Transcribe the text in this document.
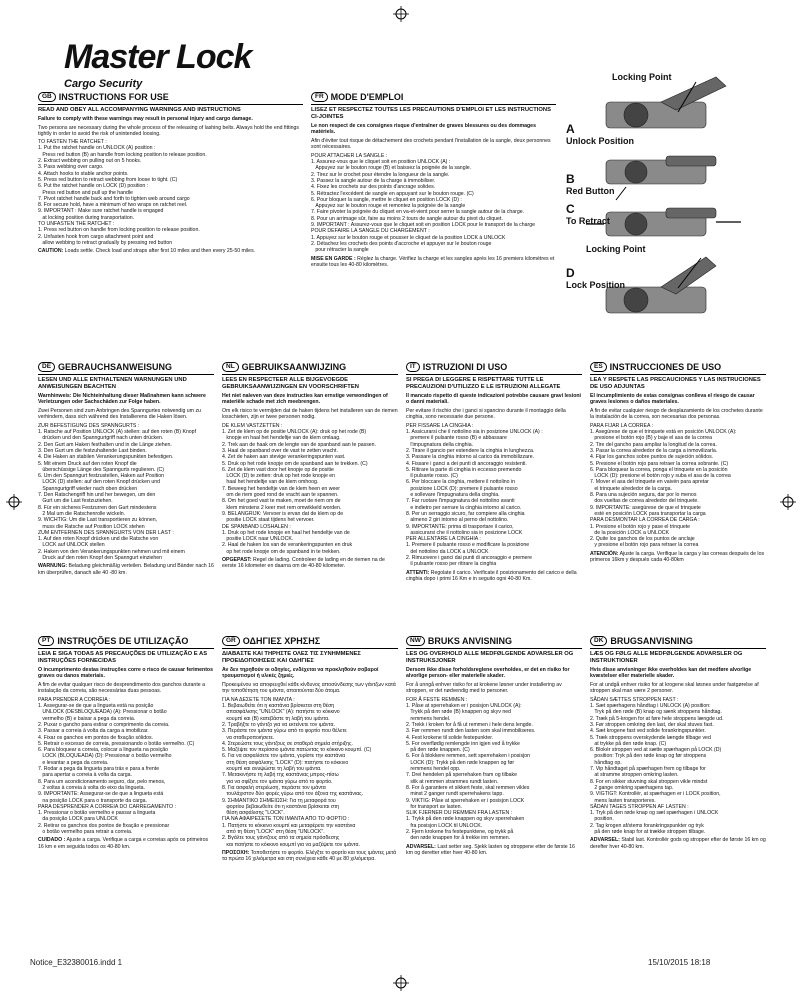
Master Lock
Cargo Security
Locking Point
A
Unlock Position
B
Red Button
C
To Retract
Locking Point
D
Lock Position
GB INSTRUCTIONS FOR USE
READ AND OBEY ALL ACCOMPANYING WARNINGS AND INSTRUCTIONS
Failure to comply with these warnings may result in personal injury and cargo damage.
Two persons are necessary during the whole process of the releasing of lashing belts. Always hold the end fittings tightly in order to avoid the risk of unintended loosing.
TO FASTEN THE RATCHET :
1. Put the ratchet handle on UNLOCK (A) position :
Press red button (B) an handle from locking position to release position.
2. Extract webbing on pulling out on 5 hooks.
3. Pass webbing over cargo.
4. Attach hooks to stable anchor points.
5. Press red button to retract webbing from loose to tight. (C)
6. Put the ratchet handle on LOCK (D) position :
Press red button and pull up the handle
7. Pivot ratchet handle back and forth to tighten web around cargo
8. For secure hold, have a minimum of two wraps on ratchet reel.
9. IMPORTANT : Make sure ratchet handle is engaged
at locking position during transportation.
TO UNFASTEN THE RATCHET :
1. Press red button on handle from locking position to release position.
2. Unfasten hook from cargo attachment point and
allow webbing to retract gradually by pressing red button
CAUTION: Loads settle. Check load and straps after first 10 miles and then every 25-50 miles.
FR MODE D'EMPLOI
LISEZ ET RESPECTEZ TOUTES LES PRECAUTIONS D'EMPLOI ET LES INSTRUCTIONS CI-JOINTES
Le non respect de ces consignes risque d'entraîner de graves blessures ou des dommages matériels.
Afin d'éviter tout risque de détachement des crochets pendant l'installation de la sangle, deux personnes sont nécessaires.
POUR ATTACHER LA SANGLE :
1. Assurez-vous que le cliquet soit en position UNLOCK (A) :
Appuyez sur le bouton rouge (B) et baissez la poignée de la sangle.
2. Tirez sur le crochet pour étendre la longueur de la sangle.
3. Passez la sangle autour de la charge à immobiliser.
4. Fixez les crochets sur des points d'ancrage solides.
5. Rétractez l'excédent de sangle en appuyant sur le bouton rouge. (C)
6. Pour bloquer la sangle, mettre le cliquet en position LOCK (D) :
Appuyez sur le bouton rouge et remontez la poignée de la sangle
7. Faire pivoter la poignée du cliquet en va-et-vient pour serrer la sangle autour de la charge.
8. Pour un arrimage sûr, faire au moins 2 tours de sangle autour du pivot du cliquet.
9. IMPORTANT : Assurez-vous que le cliquet soit en position LOCK pour le transport de la charge
POUR DEFAIRE LA SANGLE DU CHARGEMENT :
1. Appuyez sur le bouton rouge et pousser le cliquet de la position LOCK à UNLOCK
2. Détachez les crochets des points d'accroche et appuyer sur le bouton rouge
pour rétracter la sangle
MISE EN GARDE : Réglez la charge. Vérifiez la charge et les sangles après les 16 premiers kilomètres et ensuite tous les 40-80 kilomètres.
DE GEBRAUCHSANWEISUNG
LESEN UND ALLE ENTHALTENEN WARNUNGEN UND ANWEISUNGEN BEACHTEN
Warnhinweis: Die Nichteinhaltung dieser Maßnahmen kann schwere Verletzungen oder Sachschäden zur Folge haben.
Zwei Personen sind zum Anbringen des Spanngurtes notwendig um zu verhindern, dass sich während des Installierens die Haken lösen.
ZUR BEFESTIGUNG DES SPANNGURTS :
1. Ratsche auf Position UNLOCK (A) stellen: auf den roten (B) Knopf
drücken und den Spanngurtgriff nach unten drücken.
2. Den Gurt am Haken festhalten und in die Länge ziehen.
3. Den Gurt um die festzuhaltende Last binden.
4. Die Haken an stabilen Verankerungspunkten befestigen.
5. Mit einem Druck auf den roten Knopf die
überschüssige Länge des Spanngurts regulieren. (C)
6. Um den Spanngurt festzustellen, Haken auf Position
LOCK (D) stellen: auf den roten Knopf drücken und
Spanngurtgriff wieder nach oben drücken
7. Den Ratschengriff hin und her bewegen, um den
Gurt um die Last festzuziehen.
8. Für ein sicheres Festzurren den Gurt mindestens
2 Mal um die Ratschenrolle wickeln.
9. WICHTIG: Um die Last transportieren zu können,
muss die Ratsche auf Position LOCK stehen
ZUM ENTFERNEN DES SPANNGURTS VON DER LAST :
1. Auf den roten Knopf drücken und die Ratsche von
LOCK auf UNLOCK stellen
2. Haken von den Verankerungspunkten nehmen und mit einem
Druck auf den roten Knopf den Spanngurt einziehen
WARNUNG: Beladung gleichmäßig verteilen. Beladung und Bänder nach 16 km überprüfen, danach alle 40 -80 km.
NL GEBRUIKSAANWIJZING
LEES EN RESPECTEER ALLE BIJGEVOEGDE GEBRUIKSAANWIJZINGEN EN VOORSCHRIFTEN
Het niet naleven van deze instructies kan ernstige verwondingen of materiële schade met zich meebrengen.
Om elk risico te vermijden dat de haken tijdens het installeren van de riemen losschieten, zijn er twee personen nodig.
DE KLEM VASTZETTEN :
1. Zet de klem op de positie UNLOCK (A): druk op het rode (B)
knopje en haal het hendeltje van de klem omlaag.
2. Trek aan de haak om de lengte van de spanband aan te passen.
3. Haal de spanband over de vast te zetten vracht.
4. Zet de haken aan stevige verankeringspunten vast.
5. Druk op het rode knopje om de spanband aan te trekken. (C)
6. Zet de klem vast door het knopje op de positie
LOCK (D) te zetten: druk op het rode knopje en
haal het hendeltje van de klem omhoog.
7. Beweeg het hendeltje van de klem heen en weer
om de riem goed rond de vracht aan te spannen.
8. Om het goed vast te maken, moet de riem om de
klem minstens 2 keer met rem omwikkeld worden.
9. BELANGRIJK: Vervoer is ervan dat de klem op de
positie LOCK staat tijdens het vervoer.
DE SPANBAND LOSHALEN :
1. Druk op het rode knopje en haal het hendeltje van de
positie LOCK naar UNLOCK.
2. Haal de haken los van de verankeringspunten en druk
op het rode knopje om de spanband in te trekken.
OPGEPAST: Regel de lading. Controleer de lading en de riemen na de eerste 16 kilometer en daarna om de 40-80 kilometer.
IT ISTRUZIONI DI USO
SI PREGA DI LEGGERE E RISPETTARE TUTTE LE PRECAUZIONI D'UTILIZZO E LE ISTRUZIONI ALLEGATE
Il mancato rispetto di queste indicazioni potrebbe causare gravi lesioni o danni materiali.
Per evitare il rischio che i ganci si sgancino durante il montaggio della cinghia, sono necessarie due persone.
PER FISSARE LA CINGHIA :
1. Assicurarsi che il nottolino sia in posizione UNLOCK (A) :
premere il pulsante rosso (B) e abbassare
l'impugnatura della cinghia.
2. Tirare il gancio per estendere la cinghia in lunghezza.
3. Passare la cinghia intorno al carico da immobilizzare.
4. Fissare i ganci a dei punti di ancoraggio resistenti.
5. Ritirare la parte di cinghia in eccesso premendo
il pulsante rosso. (C)
6. Per bloccare la cinghia, mettere il nottolino in
posizione LOCK (D): premere il pulsante rosso
e sollevare l'impugnatura della cinghia.
7. Far ruotare l'impugnatura del nottolino avanti
e indietro per serrare la cinghia intorno al carico.
8. Per un serraggio sicuro, far compiere alla cinghia
almeno 2 giri intorno al perno del nottolino.
9. IMPORTANTE: prima di trasportare il carico,
assicurarsi che il nottolino sia in posizione LOCK
PER ALLENTARE LA CINGHIA :
1. Premere il pulsante rosso e modificare la posizione
del nottolino da LOCK a UNLOCK
2. Rimuovere i ganci dai punti di ancoraggio e premere
il pulsante rosso per ritirare la cinghia
ATTENTI: Regolate il carico. Verificate il posizionamento del carico e della cinghia dopo i primi 16 Km e in seguito ogni 40-80 Km.
ES INSTRUCCIONES DE USO
LEA Y RESPETE LAS PRECAUCIONES Y LAS INSTRUCIONES DE USO ADJUNTAS
El incumplimiento de estas consignas conlleva el riesgo de causar graves lesiones o daños materiales.
A fin de evitar cualquier riesgo de desplazamiento de los crochetes durante la instalación de la correa, son necesarias dos personas.
PARA FIJAR LA CORREA :
1. Asegúrese de que el trinquete está en posición UNLOCK (A):
presione el botón rojo (B) y baje el asa de la correa
2. Tire del gancho para ampliar la longitud de la correa.
3. Pasar la correa alrededor de la carga a inmovilizarla.
4. Fijar los ganchos sobre puntos de sujeción sólidos.
5. Presione el botón rojo para retraer la correa sobrante. (C)
6. Para bloquear la correa, ponga el trinquete en la posición
LOCK (D): presione el botón rojo y suba el asa de la correa
7. Mover el asa del trinquete en vaivén para apretar
el trinquete alrededor de la carga.
8. Para una sujeción segura, dar por lo menos
dos vueltas de correa alrededor del trinquete.
9. IMPORTANTE: asegúrese de que el trinquete
esté en posición LOCK para transportar la carga
PARA DESMONTAR LA CORREA DE CARGA :
1. Presione el botón rojo y pase el trinquete
de la posición LOCK a UNLOCK
2. Quite los ganchos de los puntos de anclaje
y presione el botón rojo para retraer la correa
ATENCIÓN: Ajuste la carga. Verifique la carga y las correas después de los primeros 16km y después cada 40-80km
PT INSTRUÇÕES DE UTILIZAÇÃO
LEIA E SIGA TODAS AS PRECAUÇÕES DE UTILIZAÇÃO E AS INSTRUÇÕES FORNECIDAS
O incumprimento destas instruções corre o risco de causar ferimentos graves ou danos materiais.
A fim de evitar qualquer risco de desprendimento dos ganchos durante a instalação da correia, são necessárias duas pessoas.
PARA PRENDER A CORREIA :
1. Assegurar-se de que a lingueta está na posição
UNLOCK (DESBLOQUEADA) (A): Pressionar o botão
vermelho (B) e baixar a pega da correia.
2. Puxar o gancho para estirar o comprimento da correia.
3. Passar a correia à volta da carga a imobilizar.
4. Fixar os ganchos em pontos de fixação sólidos.
5. Retrair o excesso de correia, pressionando o botão vermelho. (C)
6. Para bloquear a correia, colocar a lingueta na posição
LOCK (BLOQUEADA) (D): Pressionar o botão vermelho
e levantar a pega da correia.
7. Rodar a pega da lingueta para trás e para a frente
para apertar a correia à volta da carga.
8. Para um acondicionamento seguro, dar, pelo menos,
2 voltas à correia à volta do eixo da lingueta.
9. IMPORTANTE: Assegurar-se de que a lingueta está
na posição LOCK para o transporte da carga.
PARA DESPRENDER A CORREIA DO CARREGAMENTO :
1. Pressionar o botão vermelho e passar a lingueta
da posição LOCK para UNLOCK
2. Retirar os ganchos dos pontos de fixação e pressionar
o botão vermelho para retrair a correia.
CUIDADO : Ajuste a carga. Verifique a carga e correias após os primeiros 16 km e em seguida todos os 40-80 km.
GR ΟΔΗΓΙΕΣ ΧΡΗΣΗΣ
ΔΙΑΒΑΣΤΕ ΚΑΙ ΤΗΡΗΣΤΕ ΟΛΕΣ ΤΙΣ ΣΥΝΗΜΜΕΝΕΣ ΠΡΟΕΙΔΟΠΟΙΗΣΕΙΣ ΚΑΙ ΟΔΗΓΙΕΣ
Αν δεν τηρηθούν οι οδηγίες, ενδέχεται να προκληθούν σοβαροί τραυματισμοί ή υλικές ζημιές.
Προκειμένου να αποφευχθεί κάθε κίνδυνος αποσύνδεσης των γάντζων κατά την τοποθέτηση του ιμάντα, απαιτούνται δύο άτομα.
ΓΙΑ ΝΑ ΔΕΣΕΤΕ ΤΟΝ ΙΜΑΝΤΑ :
1. Βεβαιωθείτε ότι η καστάνια βρίσκεται στη θέση
απασφάλισης "UNLOCK" (A): πατήστε το κόκκινο
κουμπί και (B) κατεβάστε τη λαβή του ιμάντα.
2. Τραβήξτε το γάντζο για να εκτείνετε τον ιμάντα.
3. Περάστε τον ιμάντα γύρω από το φορτίο που θέλετε
να σταθεροποιήσετε.
4. Στερεώστε τους γάντζους σε σταθερά σημεία στήριξης.
5. Μαζέψτε τον περίσσιο ιμάντα πατώντας το κόκκινο κουμπί. (C)
6. Για να ασφαλίσετε τον ιμάντα, γυρίστε την καστάνια
στη θέση ασφάλισης "LOCK" (D): πατήστε το κόκκινο
κουμπί και ανυψώστε τη λαβή του ιμάντα.
7. Μετακινήστε τη λαβή της καστάνιας μπρος-πίσω
για να σφίξετε τον ιμάντα γύρω από το φορτίο.
8. Για ασφαλή στερέωση, περάστε τον ιμάντα
τουλάχιστον δύο φορές γύρω από τον άξονα της καστάνιας.
9. ΣΗΜΑΝΤΙΚΟ ΣΗΜΕΙΩΣΗ: Για τη μεταφορά του
φορτίου βεβαιωθείτε ότι η καστάνια βρίσκεται στη
θέση ασφάλισης "LOCK".
ΓΙΑ ΝΑ ΑΦΑΙΡΕΣΕΤΕ ΤΟΝ ΙΜΑΝΤΑ ΑΠΟ ΤΟ ΦΟΡΤΙΟ :
1. Πατήστε το κόκκινο κουμπί και μεταφέρετε την καστάνια
από τη θέση "LOCK" στη θέση "UNLOCK".
2. Βγάλτε τους γάντζους από τα σημεία πρόσδεσης
και πατήστε το κόκκινο κουμπί για να μαζέψετε τον ιμάντα.
ΠΡΟΣΟΧΗ: Τοποθετήστε το φορτίο. Ελέγξτε το φορτίο και τους ιμάντες μετά τα πρώτα 16 χιλιόμετρα και στη συνέχεια κάθε 40 με 80 χιλιόμετρα.
NW BRUKS ANVISNING
LES OG OVERHOLD ALLE MEDFØLGENDE ADVARSLER OG INSTRUKSJONER
Dersom ikke disse forholdsreglene overholdes, er det en risiko for alvorlige person- eller materielle skader.
For å unngå enhver risiko for at krokene løsner under installering av stroppen, er det nødvendig med to personer.
FOR Å FESTE REMMEN :
1. Påse at sperrehaken er i posisjon UNLOCK (A):
Trykk på den røde (B) knappen og skyv ned
remmens hendel.
2. Trekk i kroken for å få ut remmen i hele dens lengde.
3. Før remmen rundt den lasten som skal immobiliseres.
4. Fest krokene til solide festepunkter.
5. For overflødig remlengde inn igjen ved å trykke
på den røde knappen. (C)
6. For å blokkere remmen, sett sperrehaken i posisjon
LOCK (D): Trykk på den røde knappen og før
remmens hendel opp.
7. Drei hendelen på sperrehaken fram og tilbake
slik at remmen strammes rundt lasten.
8. For å garantere et sikkert feste, skal remmen vikles
minst 2 ganger rundt sperrehakens tapp.
9. VIKTIG: Påse at sperrehaken er i posisjon LOCK
for transport av lasten.
SLIK FJERNER DU REMMEN FRA LASTEN :
1. Trykk på den røde knappen og skyv sperrehaken
fra posisjon LOCK til UNLOCK.
2. Fjern krokene fra festepunktene, og trykk på
den røde knappen for å trekke inn remmen.
ADVARSEL: Last setter seg. Sjekk lasten og stroppene etter de første 16 km og deretter etter hver 40-80 km.
DK BRUGSANVISNING
LÆS OG FØLG ALLE MEDFØLGENDE ADVARSLER OG INSTRUKTIONER
Hvis disse anvisninger ikke overholdes kan det medføre alvorlige kvæstelser eller materielle skader.
For at undgå enhver risiko for at krogene skal løsnes under fastgørelse af stroppen skal man være 2 personer.
SÅDAN SÆTTES STROPPEN FAST :
1. Sæt spærhagens håndtag i UNLOCK (A) position:
Tryk på den røde (B) knap og sænk stroppens håndtag.
2. Træk på 5-krogen for at føre hele stroppens længde ud.
3. Før stroppen omkring den last, der skal stuves fast.
4. Sæt krogene fast ved solide forankringspunkter.
5. Træk stroppens overskydende længde tilbage ved
at trykke på den røde knap. (C)
6. Blokér stroppen ved at sætte spærhagen på LOCK (D)
position: Tryk på den røde knap og før stroppens
håndtag op.
7. Vip håndtaget på spærhagen frem og tilbage for
at stramme stroppen omkring lasten.
8. For en sikker stuvning skal stroppen vikle mindst
2 gange omkring spærhagens tap.
9. VIGTIGT: Kontrollér, at spærhagen er i LOCK position,
mens lasten transporteres.
SÅDAN TAGES STROPPEN AF LASTEN :
1. Tryk på den røde knap og sæt spærhagen i UNLOCK
position.
2. Tag krogen af/stems forankringspunkter og tryk
på den røde knap for at trække stroppen tilbage.
ADVARSEL: Stabil last. Kontrollér gods og stropper efter de første 16 km og derefter hver 40-80 km.
Notice_E32380016.indd 1	15/10/2015 18:18
